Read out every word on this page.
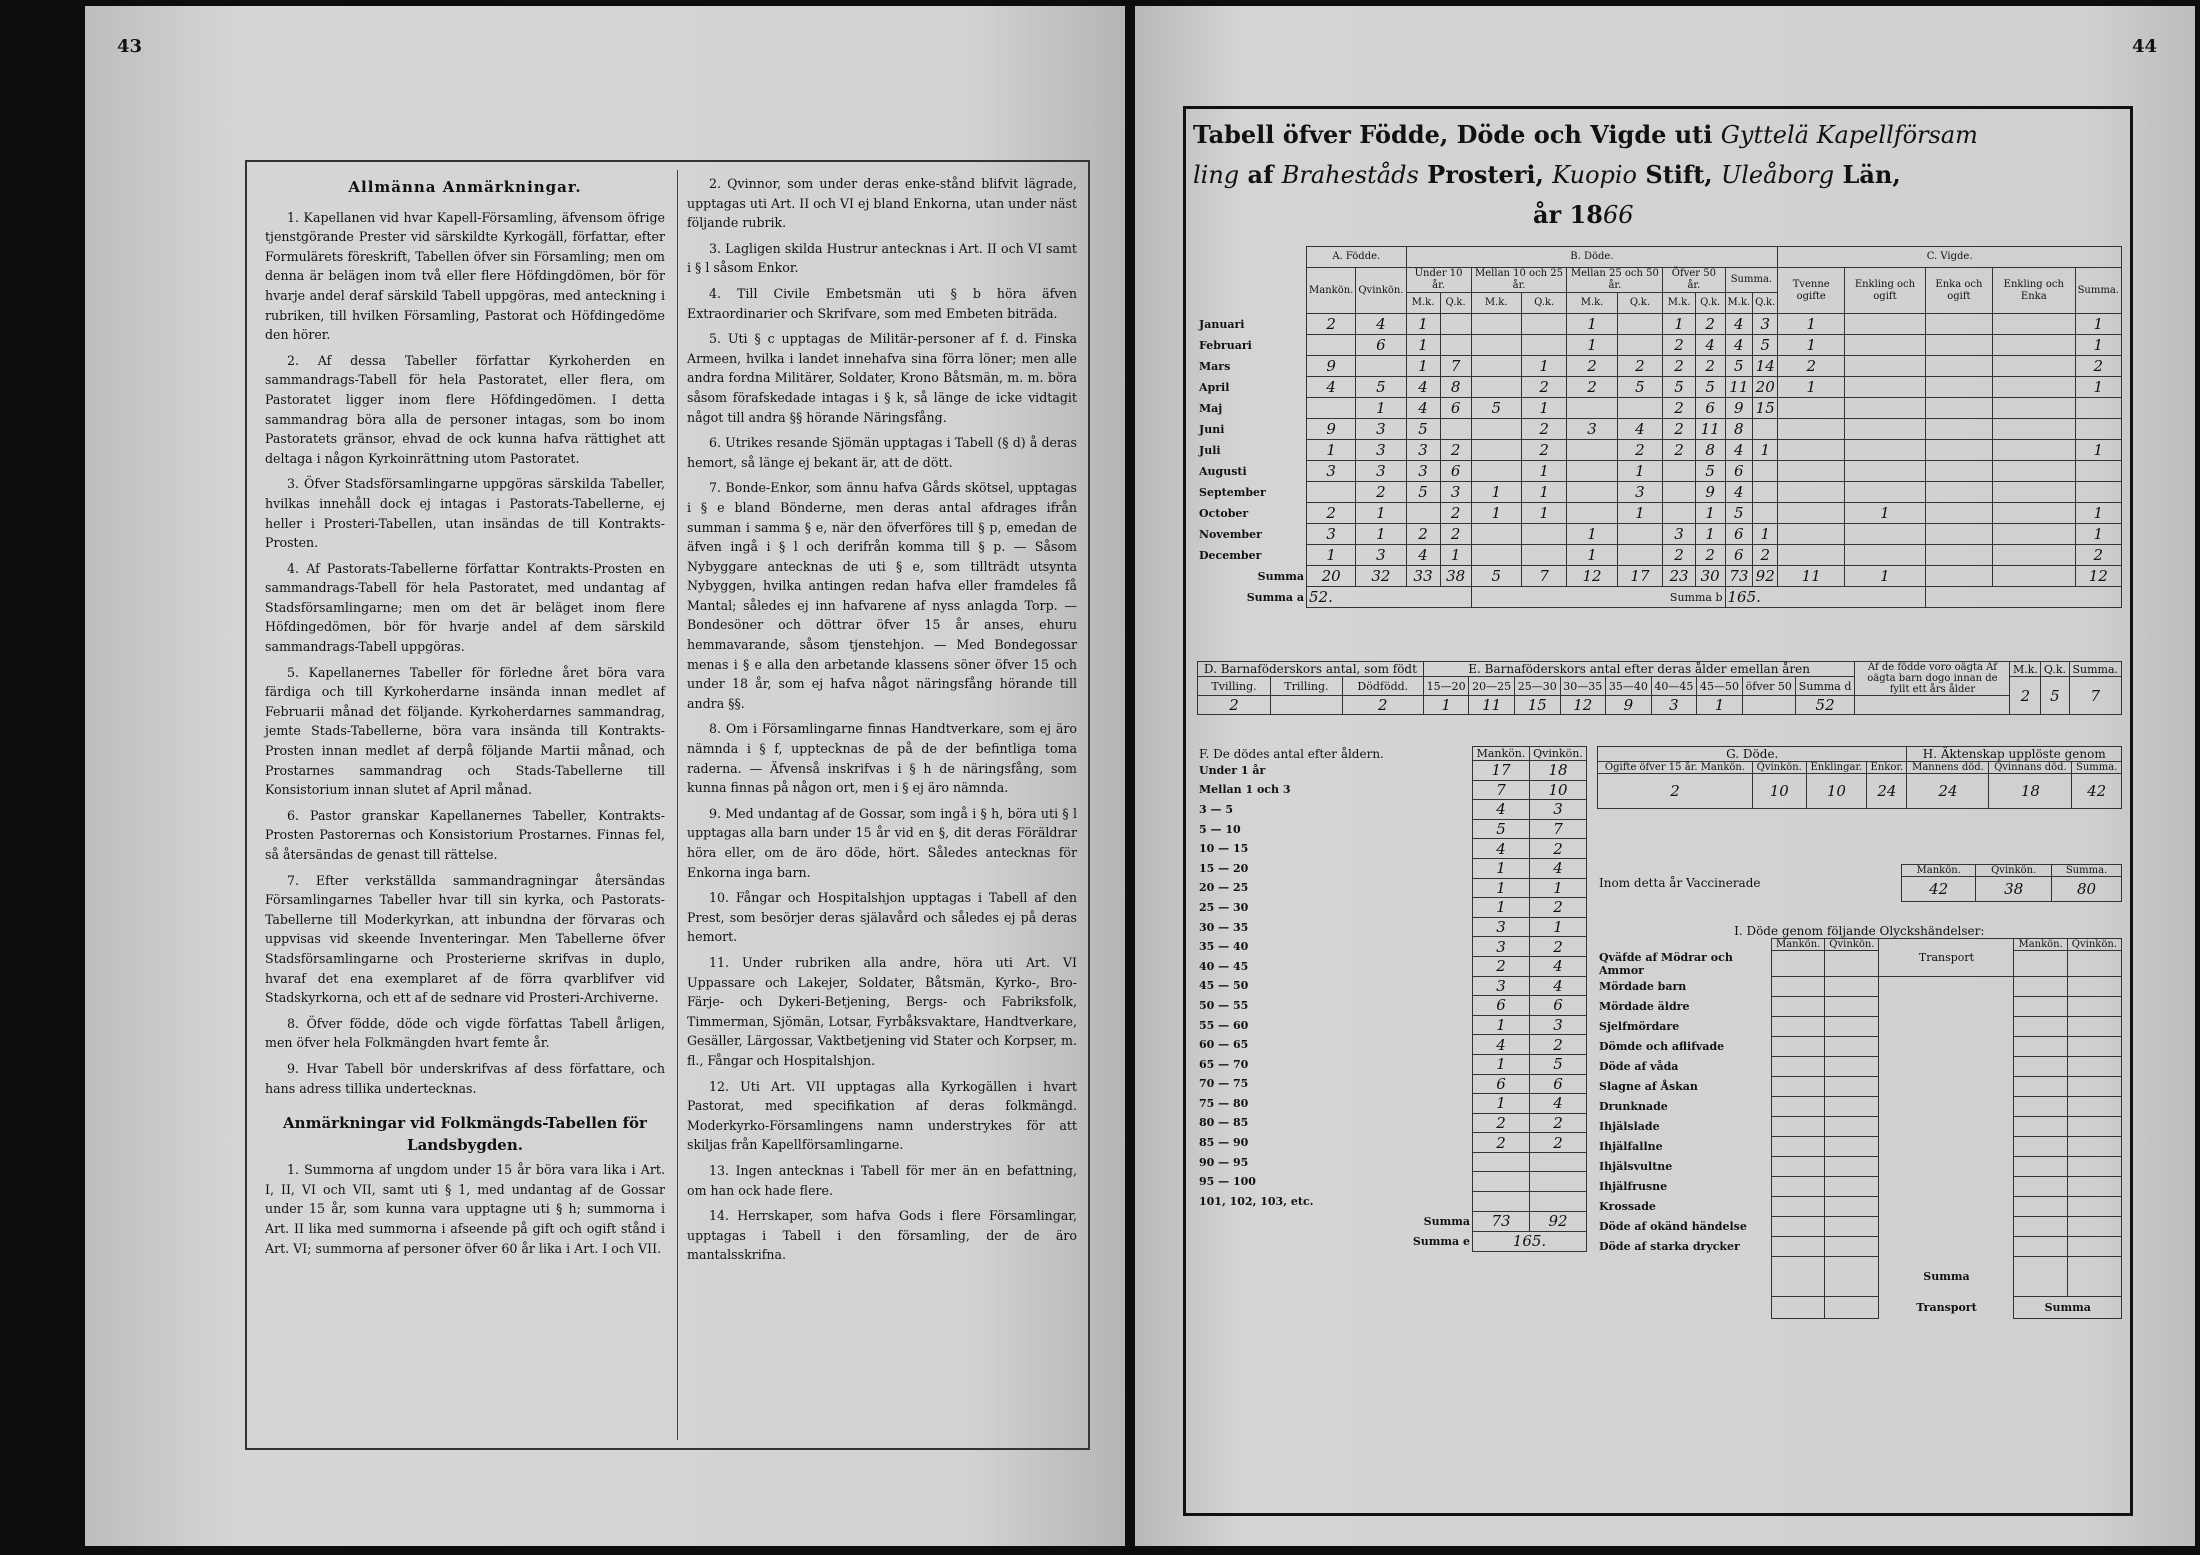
43
Allmänna Anmärkningar.

1. Kapellanen vid hvar Kapell-Församling, äfvensom öfrige tjenstgörande Prester vid särskildte Kyrkogäll, författar, efter Formulärets föreskrift, Tabellen öfver sin Församling; men om denna är belägen inom två eller flere Höfdingdömen, bör för hvarje andel deraf särskild Tabell uppgöras, med anteckning i rubriken, till hvilken Församling, Pastorat och Höfdingedöme den hörer.

2. Af dessa Tabeller författar Kyrkoherden en sammandrags-Tabell för hela Pastoratet, eller flera, om Pastoratet ligger inom flere Höfdingedömen. I detta sammandrag böra alla de personer intagas, som bo inom Pastoratets gränsor, ehvad de ock kunna hafva rättighet att deltaga i någon Kyrkoinrättning utom Pastoratet.

3. Öfver Stadsförsamlingarne uppgöras särskilda Tabeller, hvilkas innehåll dock ej intagas i Pastorats-Tabellerne, ej heller i Prosteri-Tabellen, utan insändas de till Kontrakts-Prosten.

4. Af Pastorats-Tabellerne författar Kontrakts-Prosten en sammandrags-Tabell för hela Pastoratet, med undantag af Stadsförsamlingarne; men om det är beläget inom flere Höfdingedömen, bör för hvarje andel af dem särskild sammandrags-Tabell uppgöras.

5. Kapellanernes Tabeller för förledne året böra vara färdiga och till Kyrkoherdarne insända innan medlet af Februarii månad det följande. Kyrkoherdarnes sammandrag, jemte Stads-Tabellerne, böra vara insända till Kontrakts-Prosten innan medlet af derpå följande Martii månad, och Prostarnes sammandrag och Stads-Tabellerne till Konsistorium innan slutet af April månad.

6. Pastor granskar Kapellanernes Tabeller, Kontrakts-Prosten Pastorernas och Konsistorium Prostarnes. Finnas fel, så återsändas de genast till rättelse.

7. Efter verkställda sammandragningar återsändas Församlingarnes Tabeller hvar till sin kyrka, och Pastorats-Tabellerne till Moderkyrkan, att inbundna der förvaras och uppvisas vid skeende Inventeringar. Men Tabellerne öfver Stadsförsamlingarne och Prosterierne skrifvas in duplo, hvaraf det ena exemplaret af de förra qvarblifver vid Stadskyrkorna, och ett af de sednare vid Prosteri-Archiverne.

8. Öfver födde, döde och vigde författas Tabell årligen, men öfver hela Folkmängden hvart femte år.

9. Hvar Tabell bör underskrifvas af dess författare, och hans adress tillika undertecknas.

Anmärkningar vid Folkmängds-Tabellen för Landsbygden.

1. Summorna af ungdom under 15 år böra vara lika i Art. I, II, VI och VII, samt uti § 1, med undantag af de Gossar under 15 år, som kunna vara upptagne uti § h; summorna i Art. II lika med summorna i afseende på gift och ogift stånd i Art. VI; summorna af personer öfver 60 år lika i Art. I och VII.

2. Qvinnor, som under deras enke-stånd blifvit lägrade, upptagas uti Art. II och VI ej bland Enkorna, utan under näst följande rubrik.

3. Lagligen skilda Hustrur antecknas i Art. II och VI samt i § l såsom Enkor.

4. Till Civile Embetsmän uti § b höra äfven Extraordinarier och Skrifvare, som med Embeten biträda.

5. Uti § c upptagas de Militär-personer af f. d. Finska Armeen, hvilka i landet innehafva sina förra löner; men alle andra fordna Militärer, Soldater, Krono Båtsmän, m. m. böra såsom förafskedade intagas i § k, så länge de icke vidtagit något till andra §§ hörande Näringsfång.

6. Utrikes resande Sjömän upptagas i Tabell (§ d) å deras hemort, så länge ej bekant är, att de dött.

7. Bonde-Enkor, som ännu hafva Gårds skötsel, upptagas i § e bland Bönderne, men deras antal afdrages ifrån summan i samma § e, när den öfverföres till § p, emedan de äfven ingå i § l och derifrån komma till § p. — Såsom Nybyggare antecknas de uti § e, som tillträdt utsynta Nybyggen, hvilka antingen redan hafva eller framdeles få Mantal; således ej inn hafvarene af nyss anlagda Torp. — Bondesöner och döttrar öfver 15 år anses, ehuru hemmavarande, såsom tjenstehjon. — Med Bondegossar menas i § e alla den arbetande klassens söner öfver 15 och under 18 år, som ej hafva något näringsfång hörande till andra §§.

8. Om i Församlingarne finnas Handtverkare, som ej äro nämnda i § f, upptecknas de på de der befintliga toma raderna. — Äfvenså inskrifvas i § h de näringsfång, som kunna finnas på någon ort, men i § ej äro nämnda.

9. Med undantag af de Gossar, som ingå i § h, böra uti § l upptagas alla barn under 15 år vid en §, dit deras Föräldrar höra eller, om de äro döde, hört. Således antecknas för Enkorna inga barn.

10. Fångar och Hospitalshjon upptagas i Tabell af den Prest, som besörjer deras själavård och således ej på deras hemort.

11. Under rubriken alla andre, höra uti Art. VI Uppassare och Lakejer, Soldater, Båtsmän, Kyrko-, Bro-Färje- och Dykeri-Betjening, Bergs- och Fabriksfolk, Timmerman, Sjömän, Lotsar, Fyrbåksvaktare, Handtverkare, Gesäller, Lärgossar, Vaktbetjening vid Stater och Korpser, m. fl., Fångar och Hospitalshjon.

12. Uti Art. VII upptagas alla Kyrkogällen i hvart Pastorat, med specifikation af deras folkmängd. Moderkyrko-Församlingens namn understrykes för att skiljas från Kapellförsamlingarne.

13. Ingen antecknas i Tabell för mer än en befattning, om han ock hade flere.

14. Herrskaper, som hafva Gods i flere Församlingar, upptagas i Tabell i den församling, der de äro mantalsskrifna.

44
Tabell öfver Födde, Döde och Vigde uti Gyttelä Kapellförsam
ling af Braheståds Prosteri, Kuopio Stift, Uleåborg Län,
år 1866
	A. Födde.		B. Döde.										C. Vigde.				
	Mankön.	Qvinkön.	Under 10 år.		Mellan 10 och 25 år.		Mellan 25 och 50 år.		Öfver 50 år.		Summa.		Tvenne ogifte	Enkling och ogift	Enka och ogift	Enkling och Enka	Summa.
			M.k.	Q.k.	M.k.	Q.k.	M.k.	Q.k.	M.k.	Q.k.	M.k.	Q.k.					
Januari	2	4	1				1		1	2	4	3	1				1
Februari		6	1				1		2	4	4	5	1				1
Mars	9		1	7		1	2	2	2	2	5	14	2				2
April	4	5	4	8		2	2	5	5	5	11	20	1				1
Maj		1	4	6	5	1			2	6	9	15					
Juni	9	3	5			2	3	4	2	11	8						
Juli	1	3	3	2		2		2	2	8	4	1					1
Augusti	3	3	3	6		1		1		5	6						
September		2	5	3	1	1		3		9	4						
October	2	1		2	1	1		1		1	5			1			1
November	3	1	2	2			1		3	1	6	1					1
December	1	3	4	1			1		2	2	6	2					2
Summa	20	32	33	38	5	7	12	17	23	30	73	92	11	1			12
Summa a	52.				Summa b						165.						
D. Barnaföderskors antal, som födt			E. Barnaföderskors antal efter deras ålder emellan åren									Af de födde voro oägta Af oägta barn dogo innan de fyllt ett års ålder	M.k.	Q.k.	Summa.
Tvilling.	Trilling.	Dödfödd.	15—20	20—25	25—30	30—35	35—40	40—45	45—50	öfver 50	Summa d		2	5	7
2		2	1	11	15	12	9	3	1		52				
F. De dödes antal efter åldern.	Mankön.	Qvinkön.
Under 1 år	17	18
Mellan 1 och 3	7	10
3 — 5	4	3
5 — 10	5	7
10 — 15	4	2
15 — 20	1	4
20 — 25	1	1
25 — 30	1	2
30 — 35	3	1
35 — 40	3	2
40 — 45	2	4
45 — 50	3	4
50 — 55	6	6
55 — 60	1	3
60 — 65	4	2
65 — 70	1	5
70 — 75	6	6
75 — 80	1	4
80 — 85	2	2
85 — 90	2	2
90 — 95		
95 — 100		
101, 102, 103, etc.		
Summa	73	92
Summa e	165.	
G. Döde.				H. Äktenskap upplöste genom		
Ogifte öfver 15 år. Mankön.	Qvinkön.	Enklingar.	Enkor.	Mannens död.	Qvinnans död.	Summa.
2	10	10	24	24	18	42
Inom detta år Vaccinerade	Mankön.	Qvinkön.	Summa.
	42	38	80
I. Döde genom följande Olyckshändelser:					
	Mankön.	Qvinkön.	Transport	Mankön.	Qvinkön.
Qväfde af Mödrar och Ammor					
Mördade barn					
Mördade äldre					
Sjelfmördare					
Dömde och aflifvade					
Döde af våda					
Slagne af Åskan					
Drunknade					
Ihjälslade					
Ihjälfallne					
Ihjälsvultne					
Ihjälfrusne					
Krossade					
Döde af okänd händelse					
Döde af starka drycker					
			Summa		
			Transport	Summa	
